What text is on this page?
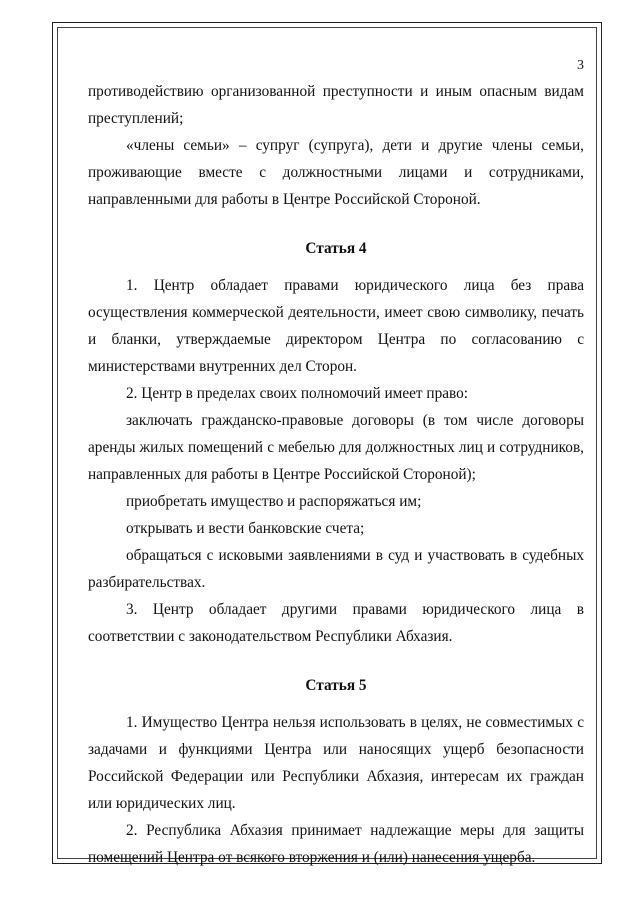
3

противодействию организованной преступности и иным опасным видам преступлений;

«члены семьи» – супруг (супруга), дети и другие члены семьи, проживающие вместе с должностными лицами и сотрудниками, направленными для работы в Центре Российской Стороной.

Статья 4

1. Центр обладает правами юридического лица без права осуществления коммерческой деятельности, имеет свою символику, печать и бланки, утверждаемые директором Центра по согласованию с министерствами внутренних дел Сторон.

2. Центр в пределах своих полномочий имеет право:

заключать гражданско-правовые договоры (в том числе договоры аренды жилых помещений с мебелью для должностных лиц и сотрудников, направленных для работы в Центре Российской Стороной);

приобретать имущество и распоряжаться им;

открывать и вести банковские счета;

обращаться с исковыми заявлениями в суд и участвовать в судебных разбирательствах.

3. Центр обладает другими правами юридического лица в соответствии с законодательством Республики Абхазия.

Статья 5

1. Имущество Центра нельзя использовать в целях, не совместимых с задачами и функциями Центра или наносящих ущерб безопасности Российской Федерации или Республики Абхазия, интересам их граждан или юридических лиц.

2. Республика Абхазия принимает надлежащие меры для защиты помещений Центра от всякого вторжения и (или) нанесения ущерба.
